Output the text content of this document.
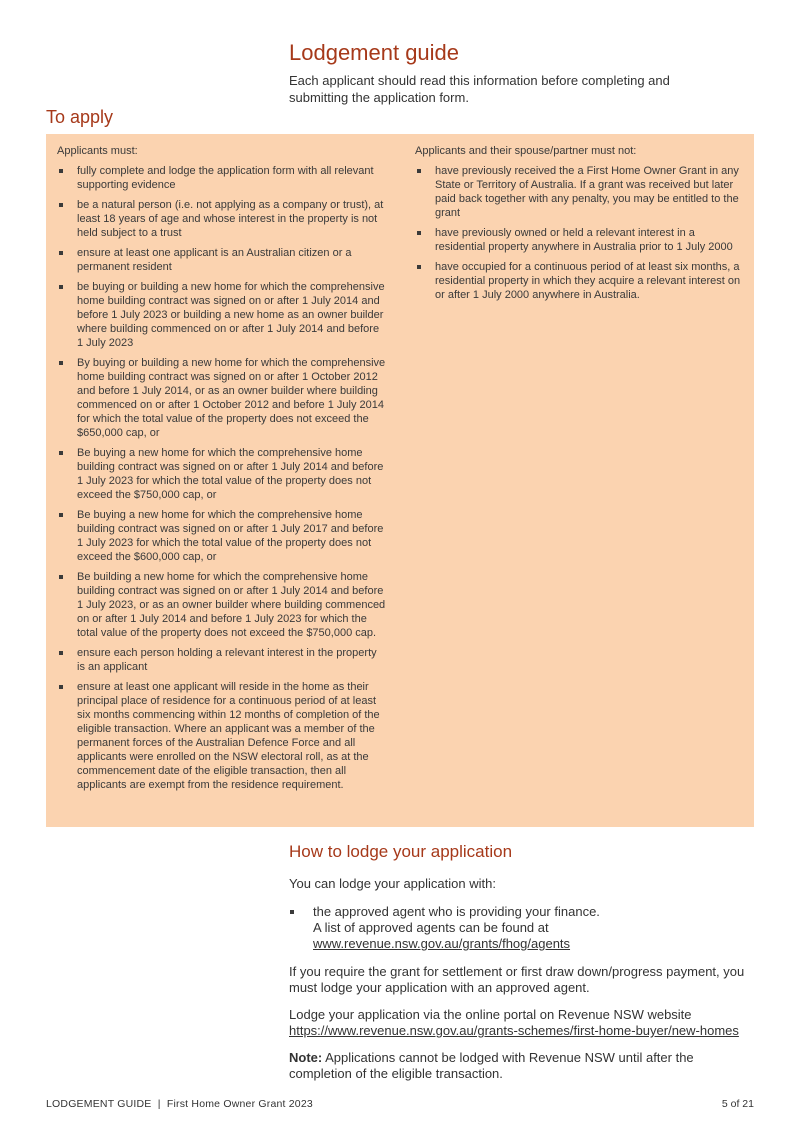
Lodgement guide

Each applicant should read this information before completing and submitting the application form.

To apply

Applicants must:

fully complete and lodge the application form with all relevant supporting evidence
be a natural person (i.e. not applying as a company or trust), at least 18 years of age and whose interest in the property is not held subject to a trust
ensure at least one applicant is an Australian citizen or a permanent resident
be buying or building a new home for which the comprehensive home building contract was signed on or after 1 July 2014 and before 1 July 2023 or building a new home as an owner builder where building commenced on or after 1 July 2014 and before 1 July 2023
By buying or building a new home for which the comprehensive home building contract was signed on or after 1 October 2012 and before 1 July 2014, or as an owner builder where building commenced on or after 1 October 2012 and before 1 July 2014 for which the total value of the property does not exceed the $650,000 cap, or
Be buying a new home for which the comprehensive home building contract was signed on or after 1 July 2014 and before 1 July 2023 for which the total value of the property does not exceed the $750,000 cap, or
Be buying a new home for which the comprehensive home building contract was signed on or after 1 July 2017 and before 1 July 2023 for which the total value of the property does not exceed the $600,000 cap, or
Be building a new home for which the comprehensive home building contract was signed on or after 1 July 2014 and before 1 July 2023, or as an owner builder where building commenced on or after 1 July 2014 and before 1 July 2023 for which the total value of the property does not exceed the $750,000 cap.
ensure each person holding a relevant interest in the property is an applicant
ensure at least one applicant will reside in the home as their principal place of residence for a continuous period of at least six months commencing within 12 months of completion of the eligible transaction. Where an applicant was a member of the permanent forces of the Australian Defence Force and all applicants were enrolled on the NSW electoral roll, as at the commencement date of the eligible transaction, then all applicants are exempt from the residence requirement.

Applicants and their spouse/partner must not:

have previously received the a First Home Owner Grant in any State or Territory of Australia. If a grant was received but later paid back together with any penalty, you may be entitled to the grant
have previously owned or held a relevant interest in a residential property anywhere in Australia prior to 1 July 2000
have occupied for a continuous period of at least six months, a residential property in which they acquire a relevant interest on or after 1 July 2000 anywhere in Australia.
How to lodge your application

You can lodge your application with:

the approved agent who is providing your finance.

A list of approved agents can be found at

www.revenue.nsw.gov.au/grants/fhog/agents

If you require the grant for settlement or first draw down/progress payment, you must lodge your application with an approved agent.

Lodge your application via the online portal on Revenue NSW website

https://www.revenue.nsw.gov.au/grants-schemes/first-home-buyer/new-homes

Note: Applications cannot be lodged with Revenue NSW until after the completion of the eligible transaction.

LODGEMENT GUIDE  |  First Home Owner Grant 2023	5 of 21
